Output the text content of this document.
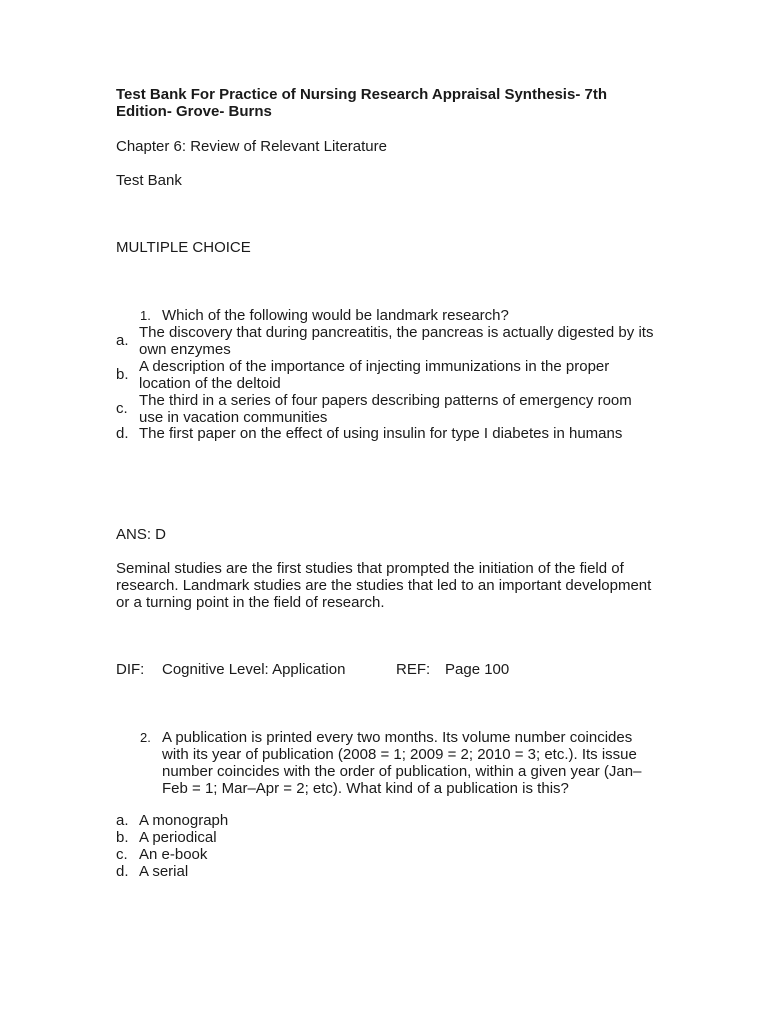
Test Bank For Practice of Nursing Research Appraisal Synthesis- 7th Edition- Grove- Burns

Chapter 6: Review of Relevant Literature

Test Bank

MULTIPLE CHOICE

1. Which of the following would be landmark research?
a. The discovery that during pancreatitis, the pancreas is actually digested by its own enzymes
b. A description of the importance of injecting immunizations in the proper location of the deltoid
c. The third in a series of four papers describing patterns of emergency room use in vacation communities
d. The first paper on the effect of using insulin for type I diabetes in humans

ANS: D

Seminal studies are the first studies that prompted the initiation of the field of research. Landmark studies are the studies that led to an important development or a turning point in the field of research.

DIF: Cognitive Level: Application	REF: Page 100
2. A publication is printed every two months. Its volume number coincides with its year of publication (2008 = 1; 2009 = 2; 2010 = 3; etc.). Its issue number coincides with the order of publication, within a given year (Jan–Feb = 1; Mar–Apr = 2; etc). What kind of a publication is this?
a. A monograph
b. A periodical
c. An e-book
d. A serial
